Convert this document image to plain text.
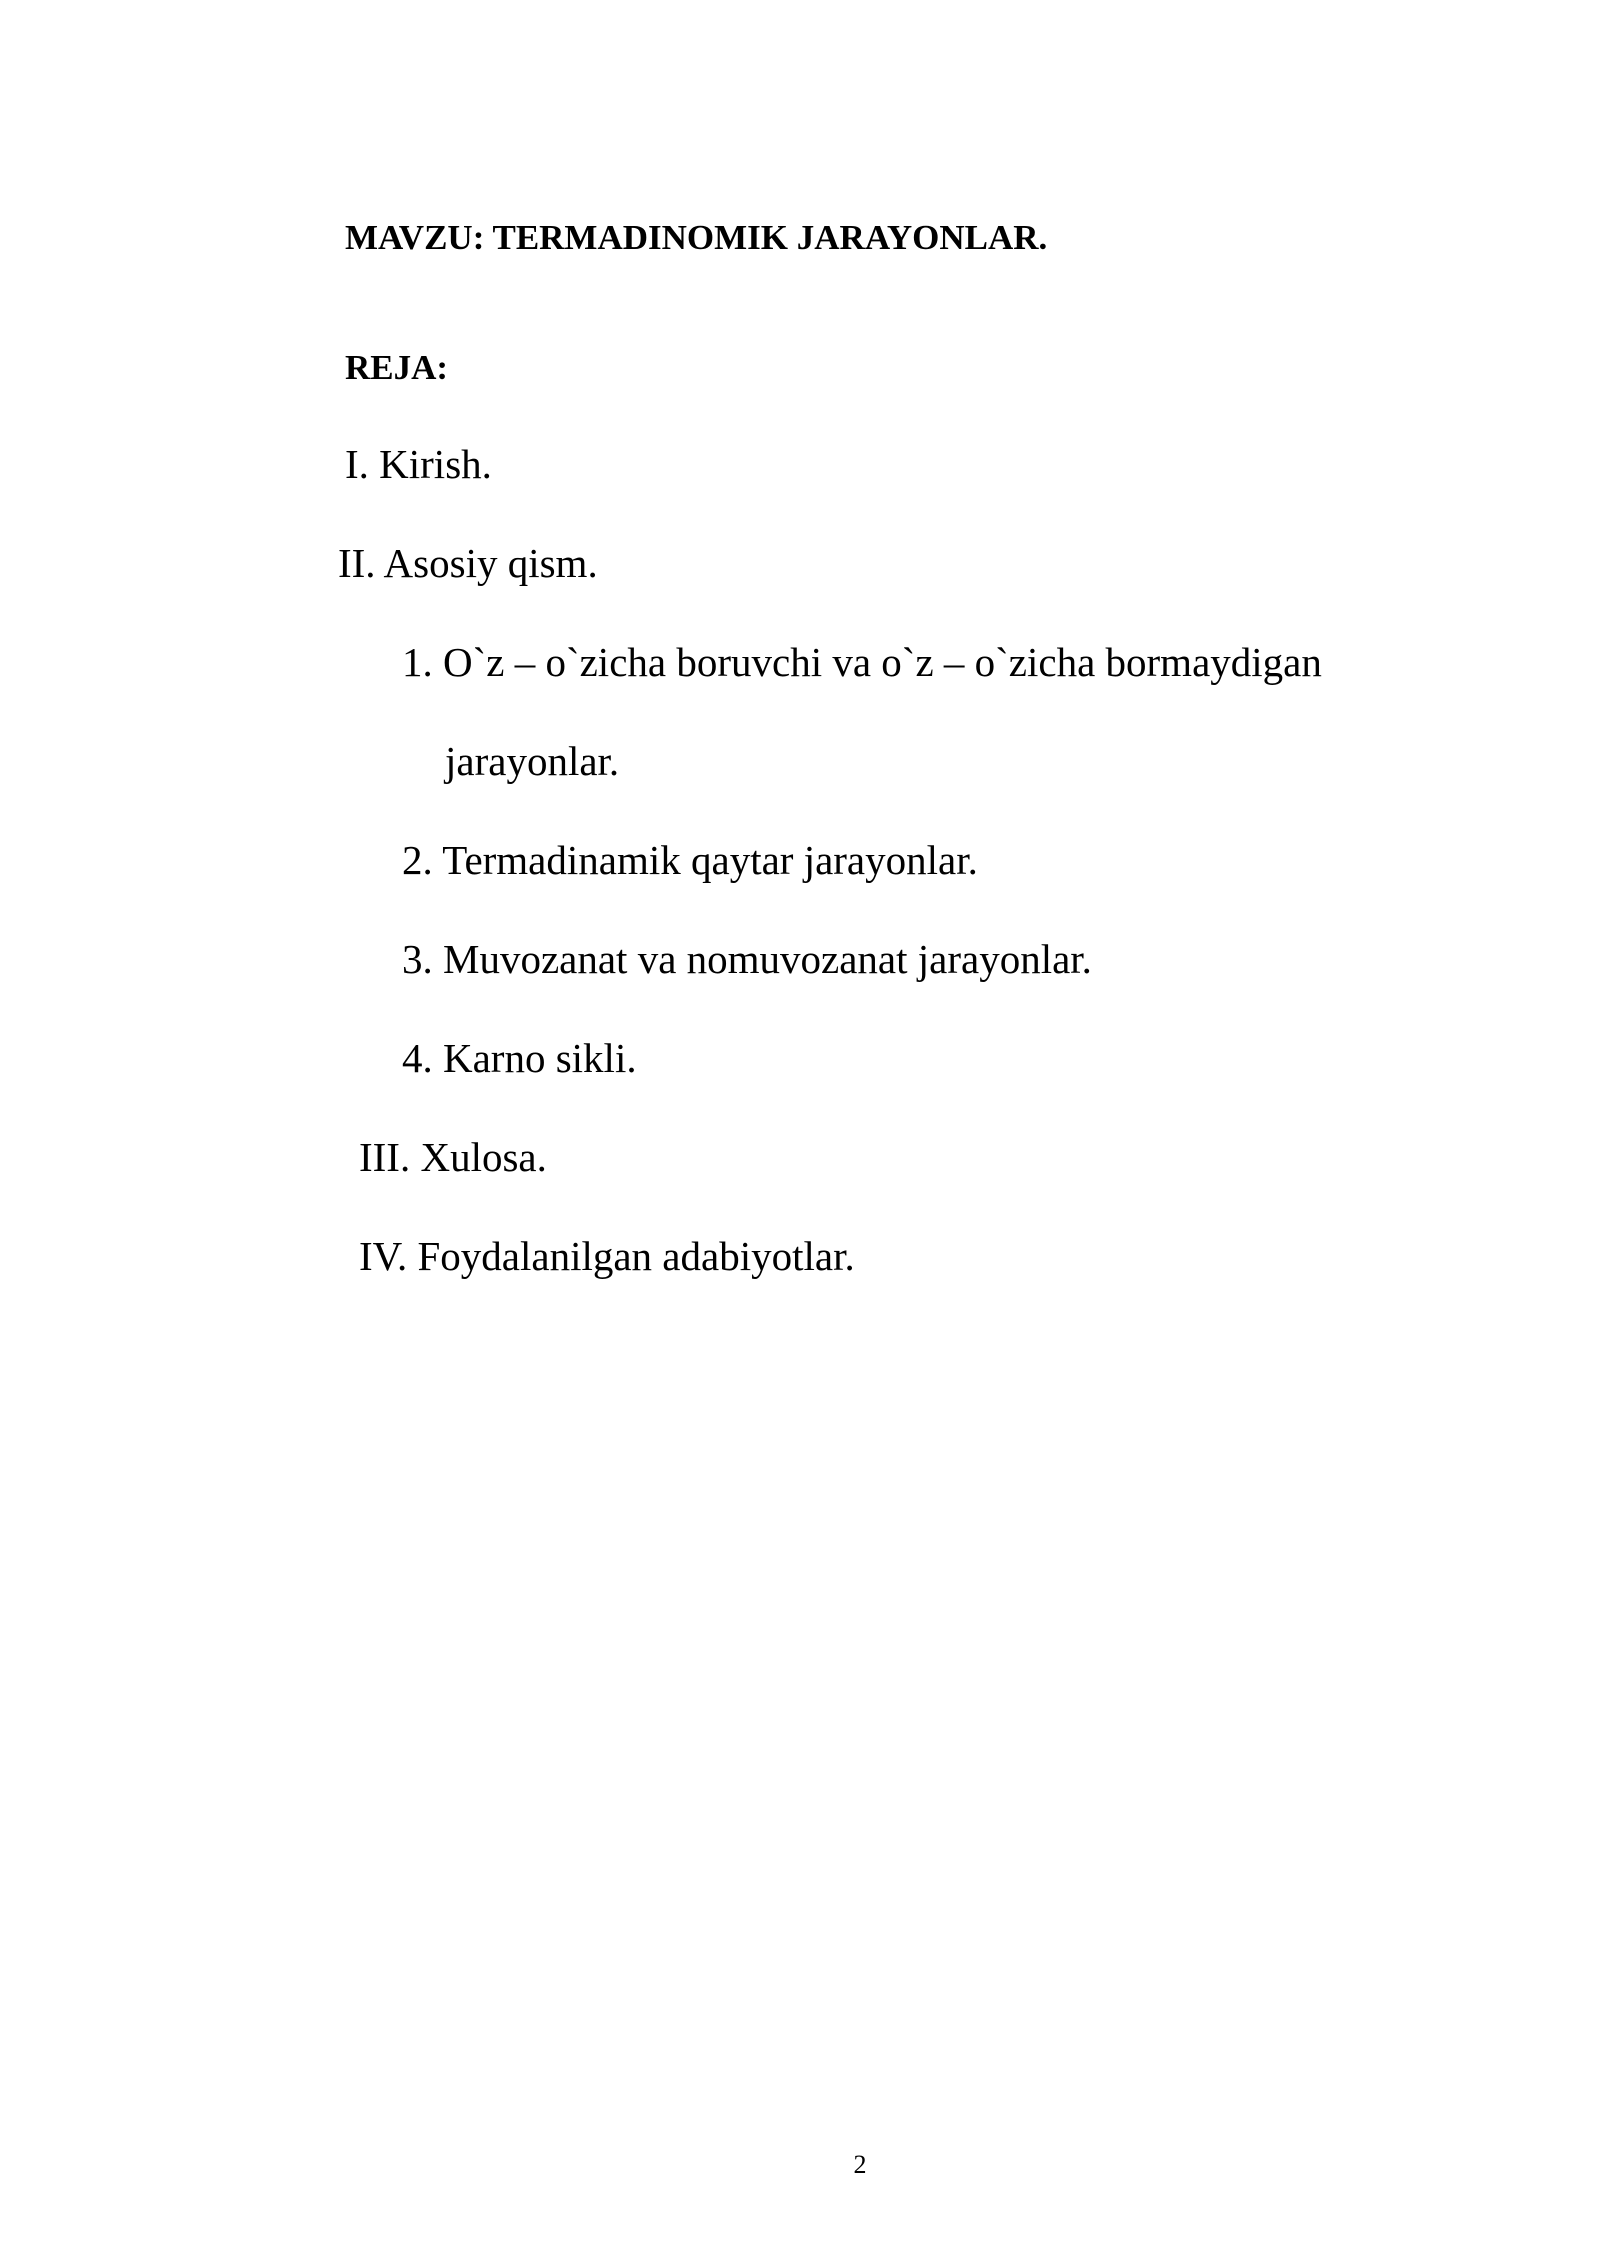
MAVZU: TERMADINOMIK JARAYONLAR.
REJA:
I. Kirish.
II. Asosiy qism.
1. O`z – o`zicha boruvchi va o`z – o`zicha bormaydigan
jarayonlar.
2. Termadinamik qaytar jarayonlar.
3. Muvozanat va nomuvozanat jarayonlar.
4. Karno sikli.
III. Xulosa.
IV. Foydalanilgan adabiyotlar.
2
